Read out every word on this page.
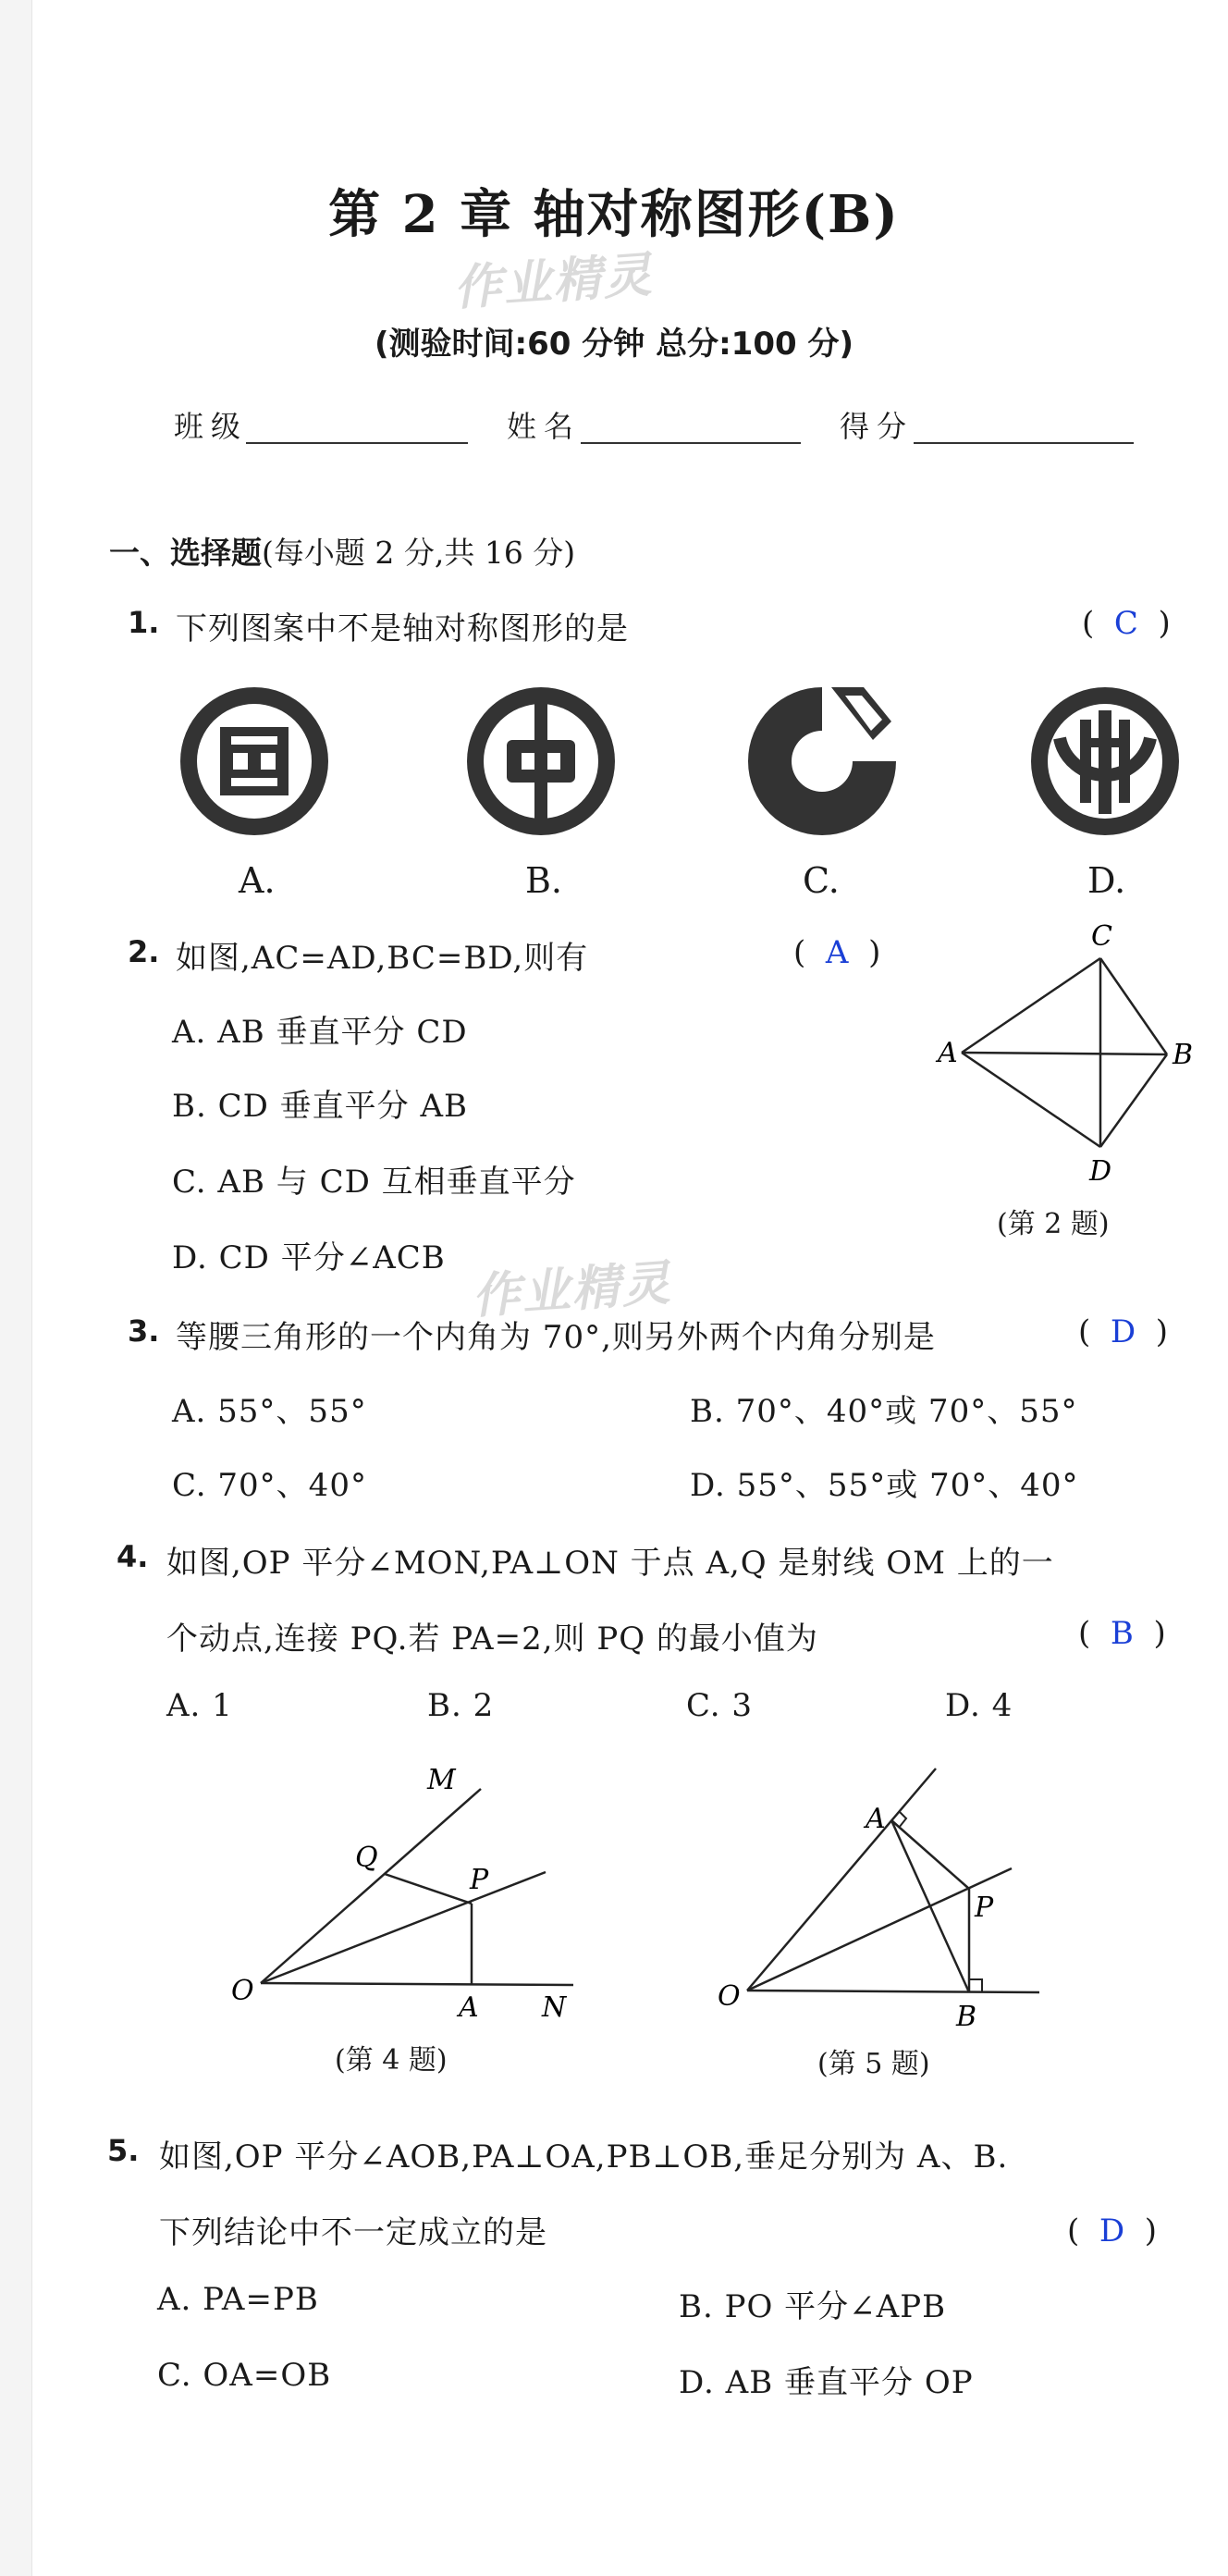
第 2 章 轴对称图形(B)
作业精灵
(测验时间:60 分钟 总分:100 分)
班级	姓名	得分
一、选择题(每小题 2 分,共 16 分)
1. 下列图案中不是轴对称图形的是	(  C  )
A.	B.	C.	D.
2. 如图,AC=AD,BC=BD,则有	(  A  )
A. AB 垂直平分 CD
B. CD 垂直平分 AB
C. AB 与 CD 互相垂直平分
D. CD 平分∠ACB
C
A	B
D
(第 2 题)
作业精灵
3. 等腰三角形的一个内角为 70°,则另外两个内角分别是	(  D  )
A. 55°、55°	B. 70°、40°或 70°、55°
C. 70°、40°	D. 55°、55°或 70°、40°
4. 如图,OP 平分∠MON,PA⊥ON 于点 A,Q 是射线 OM 上的一
个动点,连接 PQ.若 PA=2,则 PQ 的最小值为	(  B  )
A. 1	B. 2	C. 3	D. 4
M
Q
P
O
A N
(第 4 题)
A
P
O
B
(第 5 题)
5. 如图,OP 平分∠AOB,PA⊥OA,PB⊥OB,垂足分别为 A、B.
下列结论中不一定成立的是	(  D  )
A. PA=PB	B. PO 平分∠APB
C. OA=OB	D. AB 垂直平分 OP
